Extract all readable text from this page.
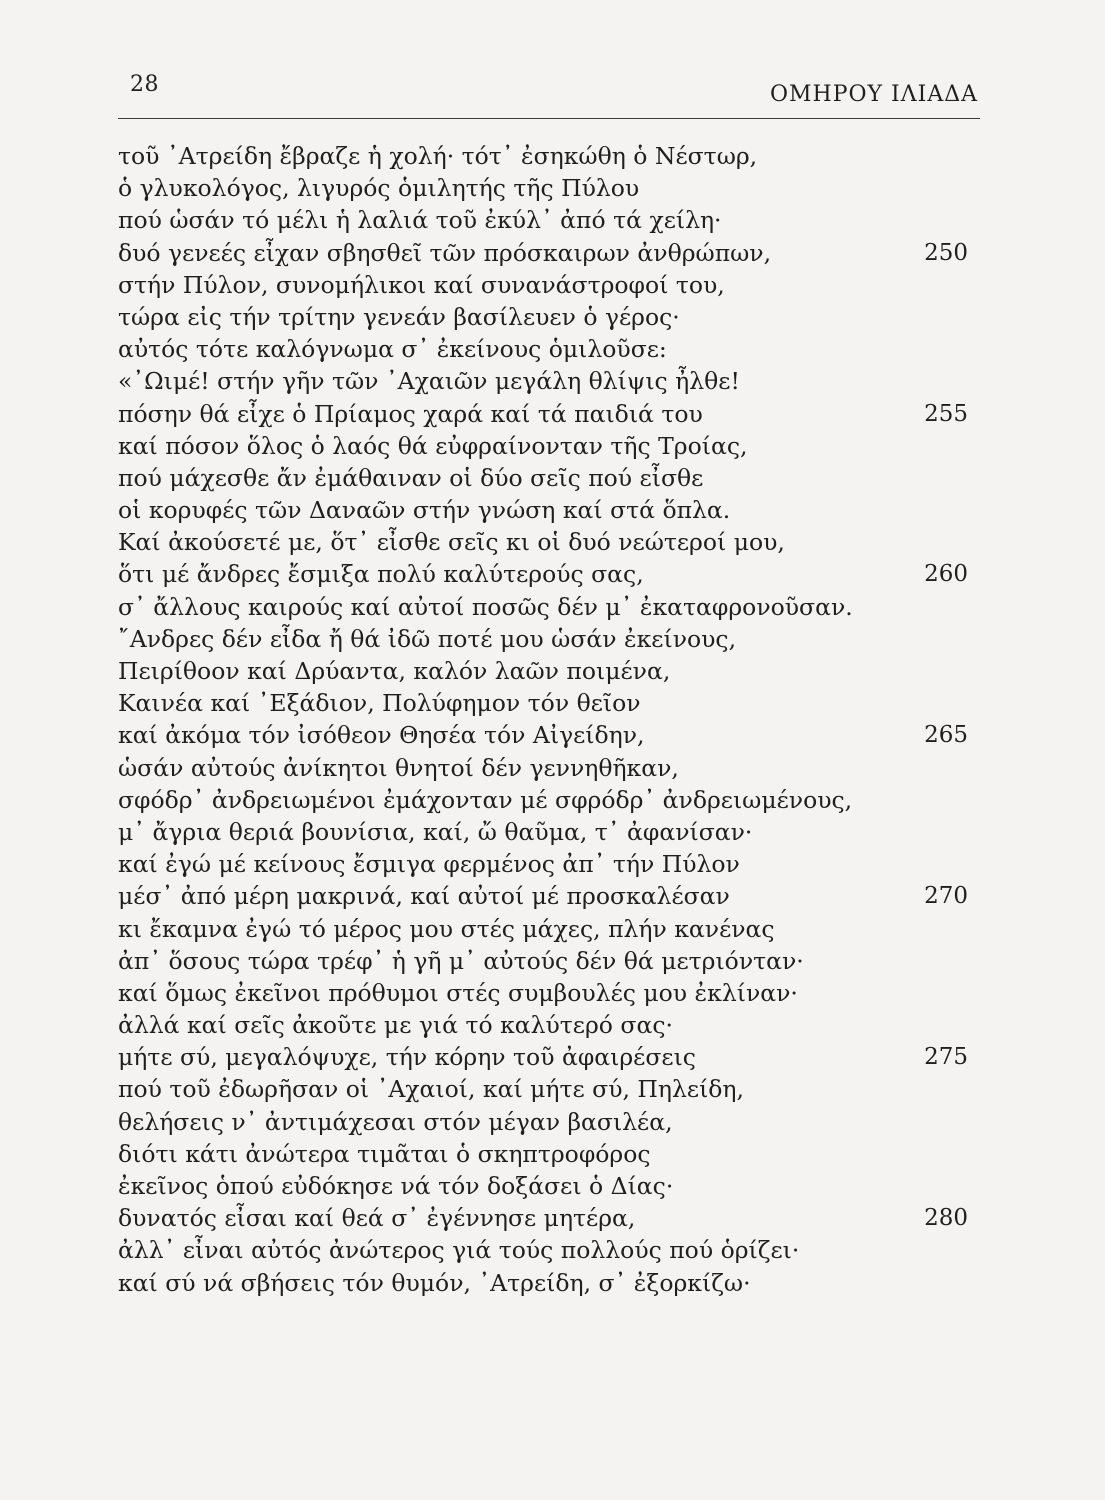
28	ΟΜΗΡΟΥ ΙΛΙΑΔΑ
τοῦ ᾿Ατρείδη ἔβραζε ἡ χολή· τότ᾿ ἐσηκώθη ὁ Νέστωρ,
ὁ γλυκολόγος, λιγυρός ὁμιλητής τῆς Πύλου
πού ὡσάν τό μέλι ἡ λαλιά τοῦ ἐκύλ᾿ ἀπό τά χείλη·
δυό γενεές εἶχαν σβησθεῖ τῶν πρόσκαιρων ἀνθρώπων,	250
στήν Πύλον, συνομήλικοι καί συνανάστροφοί του,
τώρα εἰς τήν τρίτην γενεάν βασίλευεν ὁ γέρος·
αὐτός τότε καλόγνωμα σ᾿ ἐκείνους ὁμιλοῦσε:
«᾿Ωιμέ! στήν γῆν τῶν ᾿Αχαιῶν μεγάλη θλίψις ἦλθε!
πόσην θά εἶχε ὁ Πρίαμος χαρά καί τά παιδιά του	255
καί πόσον ὅλος ὁ λαός θά εὐφραίνονταν τῆς Τροίας,
πού μάχεσθε ἄν ἐμάθαιναν οἱ δύο σεῖς πού εἶσθε
οἱ κορυφές τῶν Δαναῶν στήν γνώση καί στά ὅπλα.
Καί ἀκούσετέ με, ὅτ᾿ εἶσθε σεῖς κι οἱ δυό νεώτεροί μου,
ὅτι μέ ἄνδρες ἔσμιξα πολύ καλύτερούς σας,	260
σ᾿ ἄλλους καιρούς καί αὐτοί ποσῶς δέν μ᾿ ἐκαταφρονοῦσαν.
῎Ανδρες δέν εἶδα ἤ θά ἰδῶ ποτέ μου ὡσάν ἐκείνους,
Πειρίθοον καί Δρύαντα, καλόν λαῶν ποιμένα,
Καινέα καί ᾿Εξάδιον, Πολύφημον τόν θεῖον
καί ἀκόμα τόν ἰσόθεον Θησέα τόν Αἰγείδην,	265
ὡσάν αὐτούς ἀνίκητοι θνητοί δέν γεννηθῆκαν,
σφόδρ᾿ ἀνδρειωμένοι ἐμάχονταν μέ σφρόδρ᾿ ἀνδρειωμένους,
μ᾿ ἄγρια θεριά βουνίσια, καί, ὤ θαῦμα, τ᾿ ἀφανίσαν·
καί ἐγώ μέ κείνους ἔσμιγα φερμένος ἀπ᾿ τήν Πύλον
μέσ᾿ ἀπό μέρη μακρινά, καί αὐτοί μέ προσκαλέσαν	270
κι ἔκαμνα ἐγώ τό μέρος μου στές μάχες, πλήν κανένας
ἀπ᾿ ὅσους τώρα τρέφ᾿ ἡ γῆ μ᾿ αὐτούς δέν θά μετριόνταν·
καί ὅμως ἐκεῖνοι πρόθυμοι στές συμβουλές μου ἐκλίναν·
ἀλλά καί σεῖς ἀκοῦτε με γιά τό καλύτερό σας·
μήτε σύ, μεγαλόψυχε, τήν κόρην τοῦ ἀφαιρέσεις	275
πού τοῦ ἐδωρῆσαν οἱ ᾿Αχαιοί, καί μήτε σύ, Πηλείδη,
θελήσεις ν᾿ ἀντιμάχεσαι στόν μέγαν βασιλέα,
διότι κάτι ἀνώτερα τιμᾶται ὁ σκηπτροφόρος
ἐκεῖνος ὁπού εὐδόκησε νά τόν δοξάσει ὁ Δίας·
δυνατός εἶσαι καί θεά σ᾿ ἐγέννησε μητέρα,	280
ἀλλ᾿ εἶναι αὐτός ἀνώτερος γιά τούς πολλούς πού ὁρίζει·
καί σύ νά σβήσεις τόν θυμόν, ᾿Ατρείδη, σ᾿ ἐξορκίζω·
